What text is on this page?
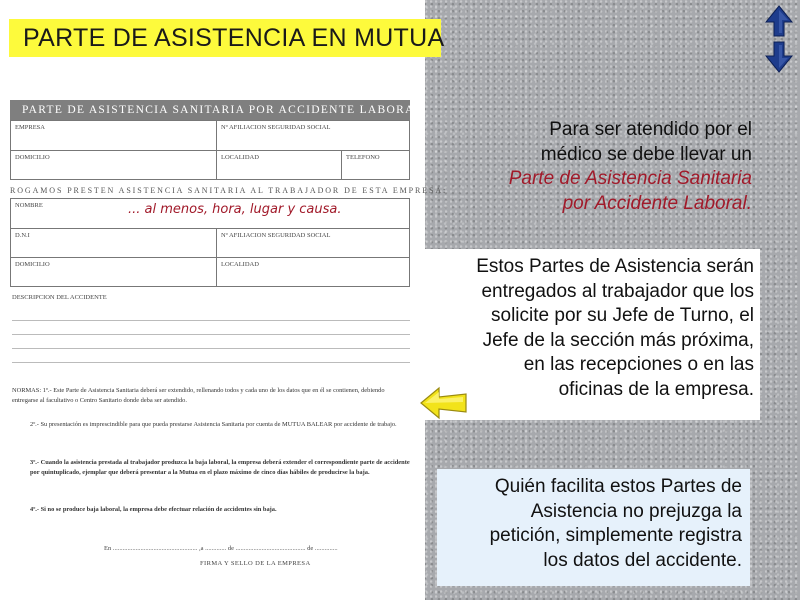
PARTE DE ASISTENCIA EN MUTUA
PARTE DE ASISTENCIA SANITARIA POR ACCIDENTE LABORAL
EMPRESA	Nº AFILIACION SEGURIDAD SOCIAL
DOMICILIO	LOCALIDAD	TELEFONO
ROGAMOS PRESTEN ASISTENCIA SANITARIA AL TRABAJADOR DE ESTA EMPRESA:
NOMBRE
D.N.I	Nº AFILIACION SEGURIDAD SOCIAL
DOMICILIO	LOCALIDAD
DESCRIPCION DEL ACCIDENTE
NORMAS: 1º.- Este Parte de Asistencia Sanitaria deberá ser extendido, rellenando todos y cada uno de los datos que en él se contienen, debiendo entregarse al facultativo o Centro Sanitario donde deba ser atendido.
2º.- Su presentación es imprescindible para que pueda prestarse Asistencia Sanitaria por cuenta de MUTUA BALEAR por accidente de trabajo.
3º.- Cuando la asistencia prestada al trabajador produzca la baja laboral, la empresa deberá extender el correspondiente parte de accidente por quintuplicado, ejemplar que deberá presentar a la Mutua en el plazo máximo de cinco días hábiles de producirse la baja.
4º.- Si no se produce baja laboral, la empresa debe efectuar relación de accidentes sin baja.
En .................................................... ,a ............. de ........................................... de ..............
FIRMA Y SELLO DE LA EMPRESA
... al menos, hora, lugar y causa.
Para ser atendido por el
médico se debe llevar un
Parte de Asistencia Sanitaria
por Accidente Laboral.
Estos Partes de Asistencia serán
entregados al trabajador que los
solicite por su Jefe de Turno, el
Jefe de la sección más próxima,
en las recepciones o en las
oficinas de la empresa.
Quién facilita estos Partes de
Asistencia no prejuzga la
petición, simplemente registra
los datos del accidente.
